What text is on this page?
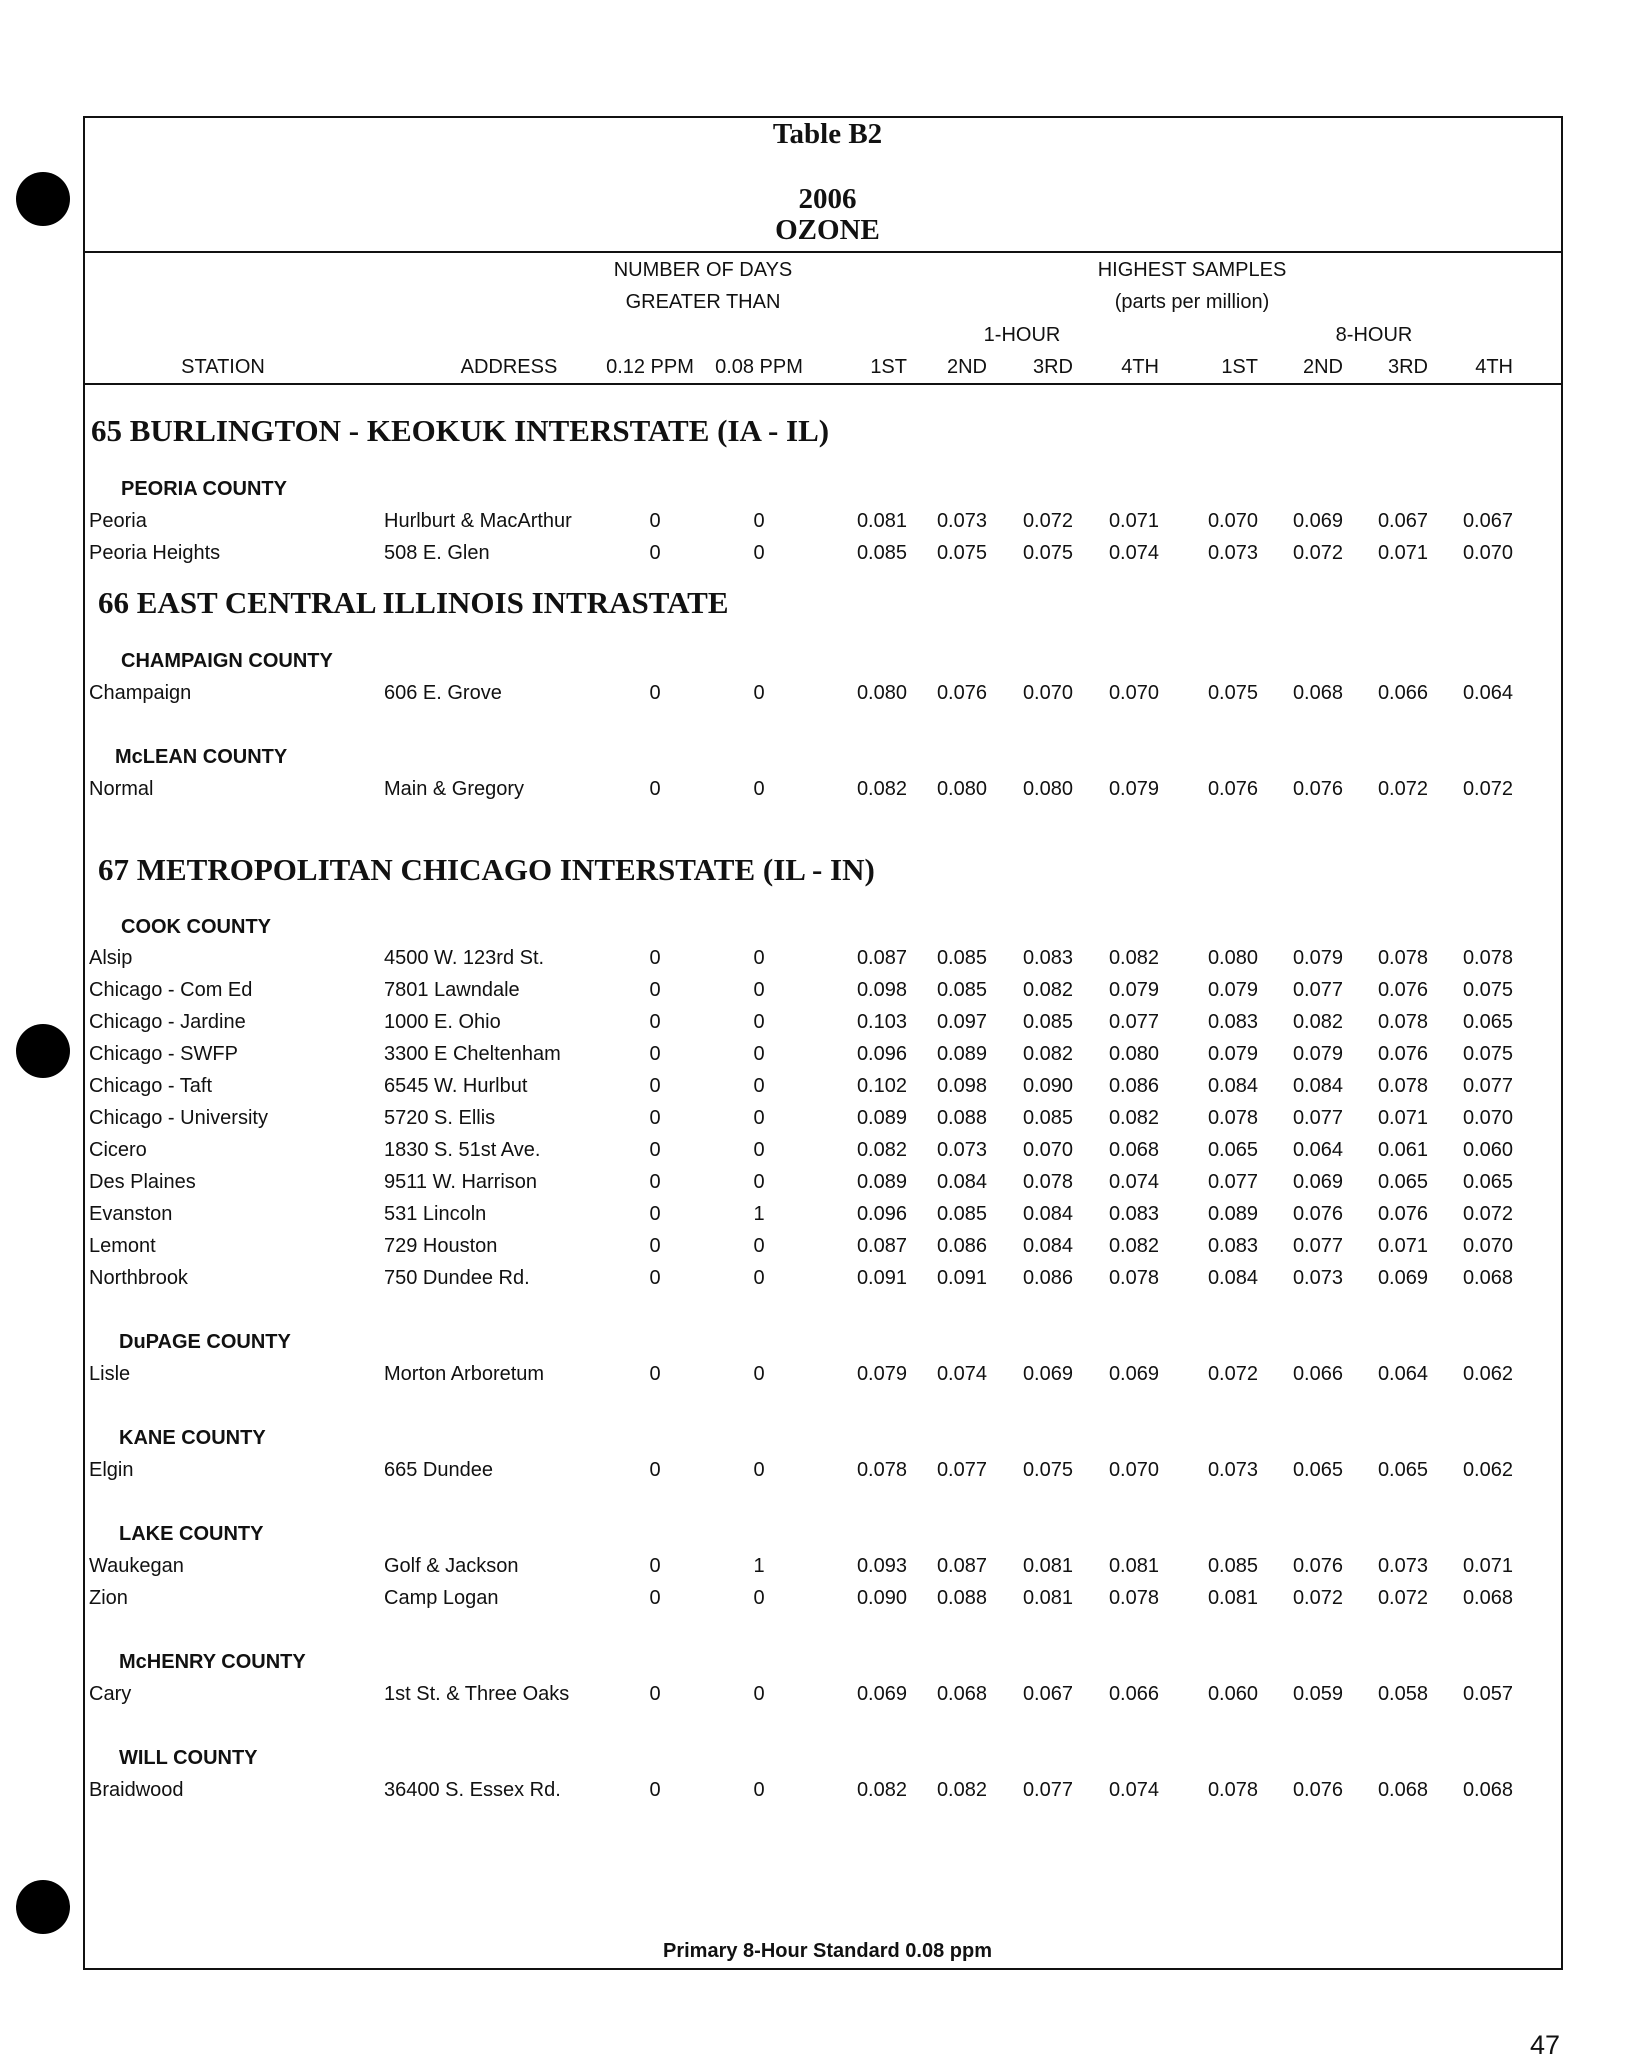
Table B2
2006
OZONE
NUMBER OF DAYS
GREATER THAN
HIGHEST SAMPLES
(parts per million)
1-HOUR	8-HOUR
STATION	ADDRESS	0.12 PPM	0.08 PPM	1ST	2ND	3RD	4TH	1ST	2ND	3RD	4TH
65 BURLINGTON - KEOKUK INTERSTATE (IA - IL)
PEORIA COUNTY
Peoria	Hurlburt & MacArthur	0	0	0.081	0.073	0.072	0.071	0.070	0.069	0.067	0.067
Peoria Heights	508 E. Glen	0	0	0.085	0.075	0.075	0.074	0.073	0.072	0.071	0.070
66 EAST CENTRAL ILLINOIS INTRASTATE
CHAMPAIGN COUNTY
Champaign	606 E. Grove	0	0	0.080	0.076	0.070	0.070	0.075	0.068	0.066	0.064
McLEAN COUNTY
Normal	Main & Gregory	0	0	0.082	0.080	0.080	0.079	0.076	0.076	0.072	0.072
67 METROPOLITAN CHICAGO INTERSTATE (IL - IN)
COOK COUNTY
Alsip	4500 W. 123rd St.	0	0	0.087	0.085	0.083	0.082	0.080	0.079	0.078	0.078
Chicago - Com Ed	7801 Lawndale	0	0	0.098	0.085	0.082	0.079	0.079	0.077	0.076	0.075
Chicago - Jardine	1000 E. Ohio	0	0	0.103	0.097	0.085	0.077	0.083	0.082	0.078	0.065
Chicago - SWFP	3300 E Cheltenham	0	0	0.096	0.089	0.082	0.080	0.079	0.079	0.076	0.075
Chicago - Taft	6545 W. Hurlbut	0	0	0.102	0.098	0.090	0.086	0.084	0.084	0.078	0.077
Chicago - University	5720 S. Ellis	0	0	0.089	0.088	0.085	0.082	0.078	0.077	0.071	0.070
Cicero	1830 S. 51st Ave.	0	0	0.082	0.073	0.070	0.068	0.065	0.064	0.061	0.060
Des Plaines	9511 W. Harrison	0	0	0.089	0.084	0.078	0.074	0.077	0.069	0.065	0.065
Evanston	531 Lincoln	0	1	0.096	0.085	0.084	0.083	0.089	0.076	0.076	0.072
Lemont	729 Houston	0	0	0.087	0.086	0.084	0.082	0.083	0.077	0.071	0.070
Northbrook	750 Dundee Rd.	0	0	0.091	0.091	0.086	0.078	0.084	0.073	0.069	0.068
DuPAGE COUNTY
Lisle	Morton Arboretum	0	0	0.079	0.074	0.069	0.069	0.072	0.066	0.064	0.062
KANE COUNTY
Elgin	665 Dundee	0	0	0.078	0.077	0.075	0.070	0.073	0.065	0.065	0.062
LAKE COUNTY
Waukegan	Golf & Jackson	0	1	0.093	0.087	0.081	0.081	0.085	0.076	0.073	0.071
Zion	Camp Logan	0	0	0.090	0.088	0.081	0.078	0.081	0.072	0.072	0.068
McHENRY COUNTY
Cary	1st St. & Three Oaks	0	0	0.069	0.068	0.067	0.066	0.060	0.059	0.058	0.057
WILL COUNTY
Braidwood	36400 S. Essex Rd.	0	0	0.082	0.082	0.077	0.074	0.078	0.076	0.068	0.068
Primary 8-Hour Standard 0.08 ppm
47
